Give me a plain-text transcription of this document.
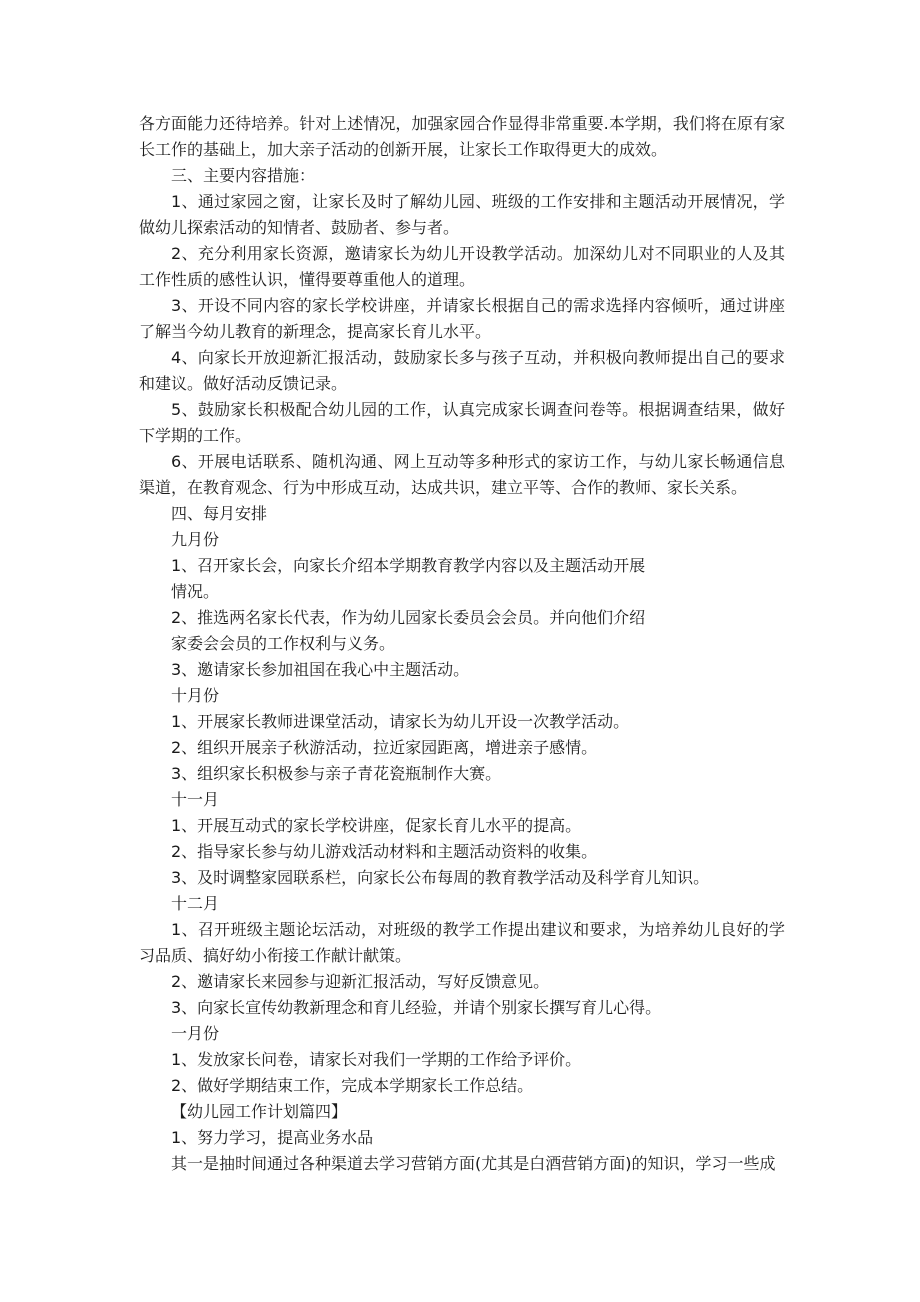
各方面能力还待培养。针对上述情况，加强家园合作显得非常重要.本学期，我们将在原有家长工作的基础上，加大亲子活动的创新开展，让家长工作取得更大的成效。

三、主要内容措施：

1、通过家园之窗，让家长及时了解幼儿园、班级的工作安排和主题活动开展情况，学做幼儿探索活动的知情者、鼓励者、参与者。

2、充分利用家长资源，邀请家长为幼儿开设教学活动。加深幼儿对不同职业的人及其工作性质的感性认识，懂得要尊重他人的道理。

3、开设不同内容的家长学校讲座，并请家长根据自己的需求选择内容倾听，通过讲座了解当今幼儿教育的新理念，提高家长育儿水平。

4、向家长开放迎新汇报活动，鼓励家长多与孩子互动，并积极向教师提出自己的要求和建议。做好活动反馈记录。

5、鼓励家长积极配合幼儿园的工作，认真完成家长调查问卷等。根据调查结果，做好下学期的工作。

6、开展电话联系、随机沟通、网上互动等多种形式的家访工作，与幼儿家长畅通信息渠道，在教育观念、行为中形成互动，达成共识，建立平等、合作的教师、家长关系。

四、每月安排

九月份

1、召开家长会，向家长介绍本学期教育教学内容以及主题活动开展

情况。

2、推选两名家长代表，作为幼儿园家长委员会会员。并向他们介绍

家委会会员的工作权利与义务。

3、邀请家长参加祖国在我心中主题活动。

十月份

1、开展家长教师进课堂活动，请家长为幼儿开设一次教学活动。

2、组织开展亲子秋游活动，拉近家园距离，增进亲子感情。

3、组织家长积极参与亲子青花瓷瓶制作大赛。

十一月

1、开展互动式的家长学校讲座，促家长育儿水平的提高。

2、指导家长参与幼儿游戏活动材料和主题活动资料的收集。

3、及时调整家园联系栏，向家长公布每周的教育教学活动及科学育儿知识。

十二月

1、召开班级主题论坛活动，对班级的教学工作提出建议和要求，为培养幼儿良好的学习品质、搞好幼小衔接工作献计献策。

2、邀请家长来园参与迎新汇报活动，写好反馈意见。

3、向家长宣传幼教新理念和育儿经验，并请个别家长撰写育儿心得。

一月份

1、发放家长问卷，请家长对我们一学期的工作给予评价。

2、做好学期结束工作，完成本学期家长工作总结。

【幼儿园工作计划篇四】

1、努力学习，提高业务水品

其一是抽时间通过各种渠道去学习营销方面(尤其是白酒营销方面)的知识，学习一些成
